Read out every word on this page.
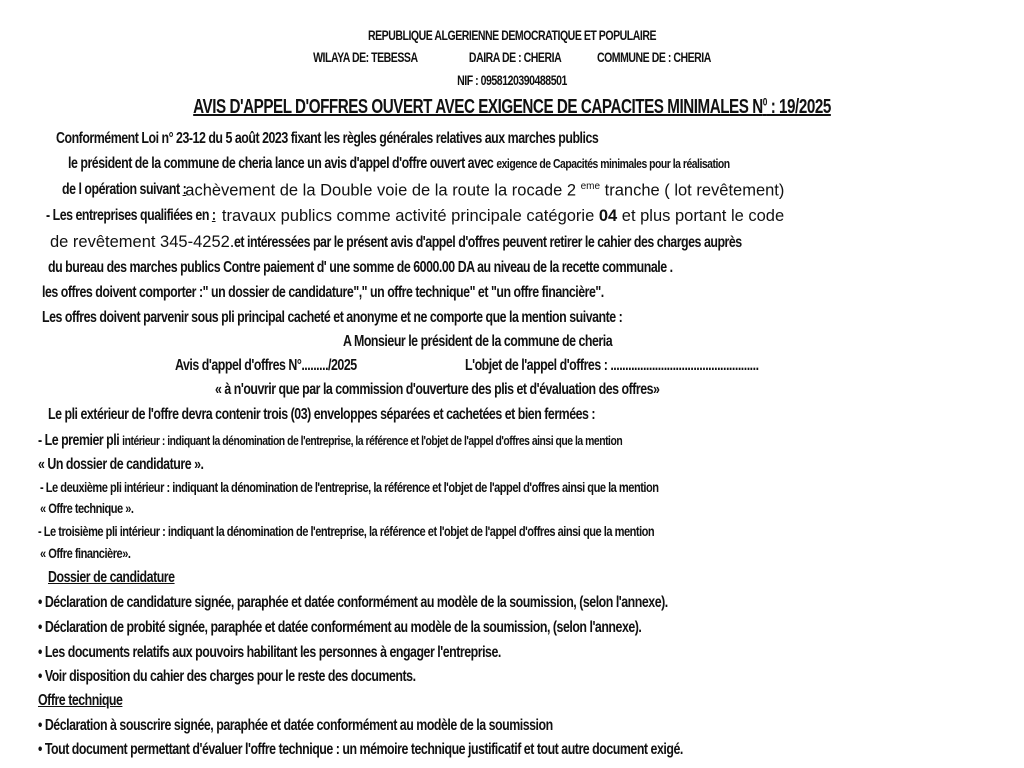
REPUBLIQUE ALGERIENNE DEMOCRATIQUE ET POPULAIRE
WILAYA DE: TEBESSA	DAIRA DE : CHERIA	COMMUNE DE : CHERIA
NIF : 0958120390488501
AVIS D'APPEL D'OFFRES OUVERT AVEC EXIGENCE DE CAPACITES MINIMALES $N^0$ : 19/2025
Conformément Loi n° 23-12 du 5 août 2023 fixant les règles générales relatives aux marches publics
le président de la commune de cheria lance un avis d'appel d'offre ouvert avec exigence de Capacités minimales pour la réalisation
de l opération suivant :achèvement de la Double voie de la route la rocade 2 $^{eme}$ tranche ( lot revêtement)
- Les entreprises qualifiées en :travaux publics comme activité principale catégorie 04 et plus portant le code
de revêtement 345-4252.et intéressées par le présent avis d'appel d'offres peuvent retirer le cahier des charges auprès
du bureau des marches publics Contre paiement d' une somme de 6000.00 DA au niveau de la recette communale .
les offres doivent comporter :" un dossier de candidature"," un offre technique" et "un offre financière".
Les offres doivent parvenir sous pli principal cacheté et anonyme et ne comporte que la mention suivante :
A Monsieur le président de la commune de cheria
Avis d'appel d'offres N°........./2025	L'objet de l'appel d'offres : ..................................................
« à n'ouvrir que par la commission d'ouverture des plis et d'évaluation des offres»
Le pli extérieur de l'offre devra contenir trois (03) enveloppes séparées et cachetées et bien fermées :
- Le premier pli intérieur : indiquant la dénomination de l'entreprise, la référence et l'objet de l'appel d'offres ainsi que la mention
« Un dossier de candidature ».
- Le deuxième pli intérieur : indiquant la dénomination de l'entreprise, la référence et l'objet de l'appel d'offres ainsi que la mention
« Offre technique ».
- Le troisième pli intérieur : indiquant la dénomination de l'entreprise, la référence et l'objet de l'appel d'offres ainsi que la mention
« Offre financière».
Dossier de candidature
• Déclaration de candidature signée, paraphée et datée conformément au modèle de la soumission, (selon l'annexe).
• Déclaration de probité signée, paraphée et datée conformément au modèle de la soumission, (selon l'annexe).
• Les documents relatifs aux pouvoirs habilitant les personnes à engager l'entreprise.
• Voir disposition du cahier des charges pour le reste des documents.
Offre technique
• Déclaration à souscrire signée, paraphée et datée conformément au modèle de la soumission
• Tout document permettant d'évaluer l'offre technique : un mémoire technique justificatif et tout autre document exigé.
